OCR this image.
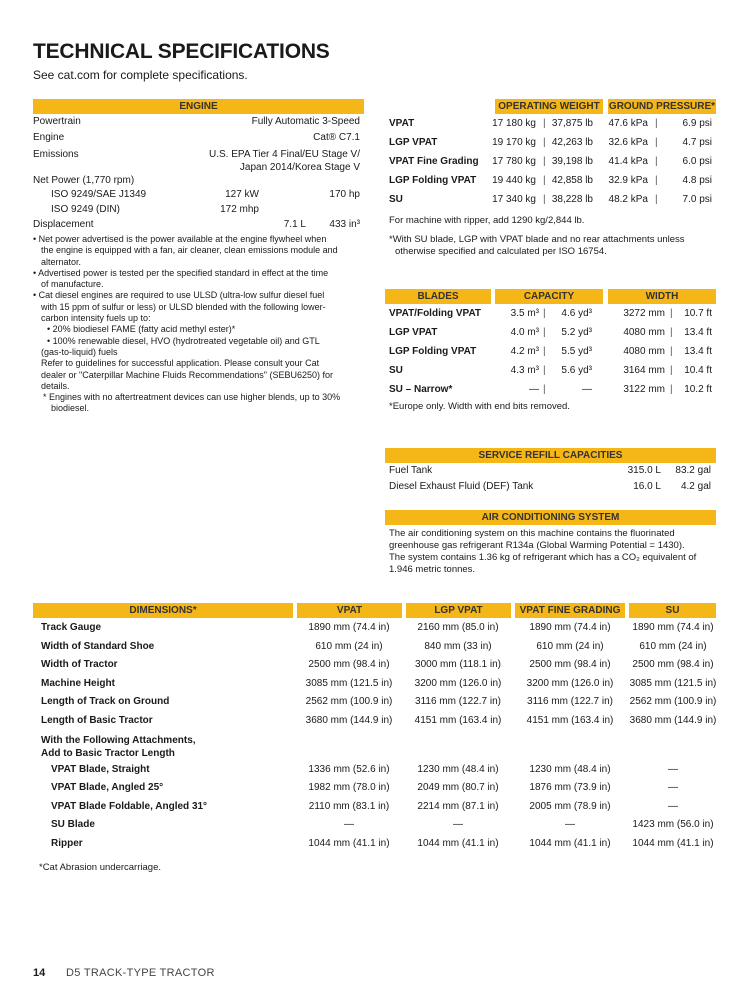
TECHNICAL SPECIFICATIONS
See cat.com for complete specifications.
ENGINE
Powertrain	Fully Automatic 3-Speed
Engine	Cat® C7.1
Emissions	U.S. EPA Tier 4 Final/EU Stage V/
Japan 2014/Korea Stage V
Net Power (1,770 rpm)
ISO 9249/SAE J1349	127 kW	170 hp
ISO 9249 (DIN)	172 mhp
Displacement	7.1 L 433 in³
• Net power advertised is the power available at the engine flywheel when
the engine is equipped with a fan, air cleaner, clean emissions module and
alternator.
• Advertised power is tested per the specified standard in effect at the time
of manufacture.
• Cat diesel engines are required to use ULSD (ultra-low sulfur diesel fuel
with 15 ppm of sulfur or less) or ULSD blended with the following lower-
carbon intensity fuels up to:
• 20% biodiesel FAME (fatty acid methyl ester)*
• 100% renewable diesel, HVO (hydrotreated vegetable oil) and GTL
(gas-to-liquid) fuels
Refer to guidelines for successful application. Please consult your Cat
dealer or "Caterpillar Machine Fluids Recommendations" (SEBU6250) for
details.
* Engines with no aftertreatment devices can use higher blends, up to 30%
biodiesel.
OPERATING WEIGHT GROUND PRESSURE*
VPAT	17 180 kg | 37,875 lb 47.6 kPa | 6.9 psi
LGP VPAT	19 170 kg | 42,263 lb 32.6 kPa | 4.7 psi
VPAT Fine Grading 17 780 kg | 39,198 lb 41.4 kPa | 6.0 psi
LGP Folding VPAT 19 440 kg | 42,858 lb 32.9 kPa | 4.8 psi
SU	17 340 kg | 38,228 lb 48.2 kPa | 7.0 psi
For machine with ripper, add 1290 kg/2,844 lb.
*With SU blade, LGP with VPAT blade and no rear attachments unless
otherwise specified and calculated per ISO 16754.
BLADES	CAPACITY	WIDTH
VPAT/Folding VPAT	3.5 m³ | 4.6 yd³	3272 mm | 10.7 ft
LGP VPAT	4.0 m³ | 5.2 yd³	4080 mm | 13.4 ft
LGP Folding VPAT	4.2 m³ | 5.5 yd³	4080 mm | 13.4 ft
SU	4.3 m³ | 5.6 yd³	3164 mm | 10.4 ft
SU – Narrow*	— |	—	3122 mm | 10.2 ft
*Europe only. Width with end bits removed.
SERVICE REFILL CAPACITIES
Fuel Tank	315.0 L 83.2 gal
Diesel Exhaust Fluid (DEF) Tank	16.0 L 4.2 gal
AIR CONDITIONING SYSTEM
The air conditioning system on this machine contains the fluorinated
greenhouse gas refrigerant R134a (Global Warming Potential = 1430).
The system contains 1.36 kg of refrigerant which has a CO₂ equivalent of
1.946 metric tonnes.
DIMENSIONS*	VPAT	LGP VPAT	VPAT FINE GRADING	SU
Track Gauge	1890 mm (74.4 in)	2160 mm (85.0 in)	1890 mm (74.4 in)	1890 mm (74.4 in)
Width of Standard Shoe	610 mm (24 in)	840 mm (33 in)	610 mm (24 in)	610 mm (24 in)
Width of Tractor	2500 mm (98.4 in)	3000 mm (118.1 in)	2500 mm (98.4 in)	2500 mm (98.4 in)
Machine Height	3085 mm (121.5 in)	3200 mm (126.0 in)	3200 mm (126.0 in)	3085 mm (121.5 in)
Length of Track on Ground	2562 mm (100.9 in)	3116 mm (122.7 in)	3116 mm (122.7 in)	2562 mm (100.9 in)
Length of Basic Tractor	3680 mm (144.9 in)	4151 mm (163.4 in)	4151 mm (163.4 in)	3680 mm (144.9 in)
With the Following Attachments,
Add to Basic Tractor Length
VPAT Blade, Straight	1336 mm (52.6 in)	1230 mm (48.4 in)	1230 mm (48.4 in)	—
VPAT Blade, Angled 25°	1982 mm (78.0 in)	2049 mm (80.7 in)	1876 mm (73.9 in)	—
VPAT Blade Foldable, Angled 31°	2110 mm (83.1 in)	2214 mm (87.1 in)	2005 mm (78.9 in)	—
SU Blade	—	—	—	1423 mm (56.0 in)
Ripper	1044 mm (41.1 in)	1044 mm (41.1 in)	1044 mm (41.1 in)	1044 mm (41.1 in)
*Cat Abrasion undercarriage.
14 D5 TRACK-TYPE TRACTOR
